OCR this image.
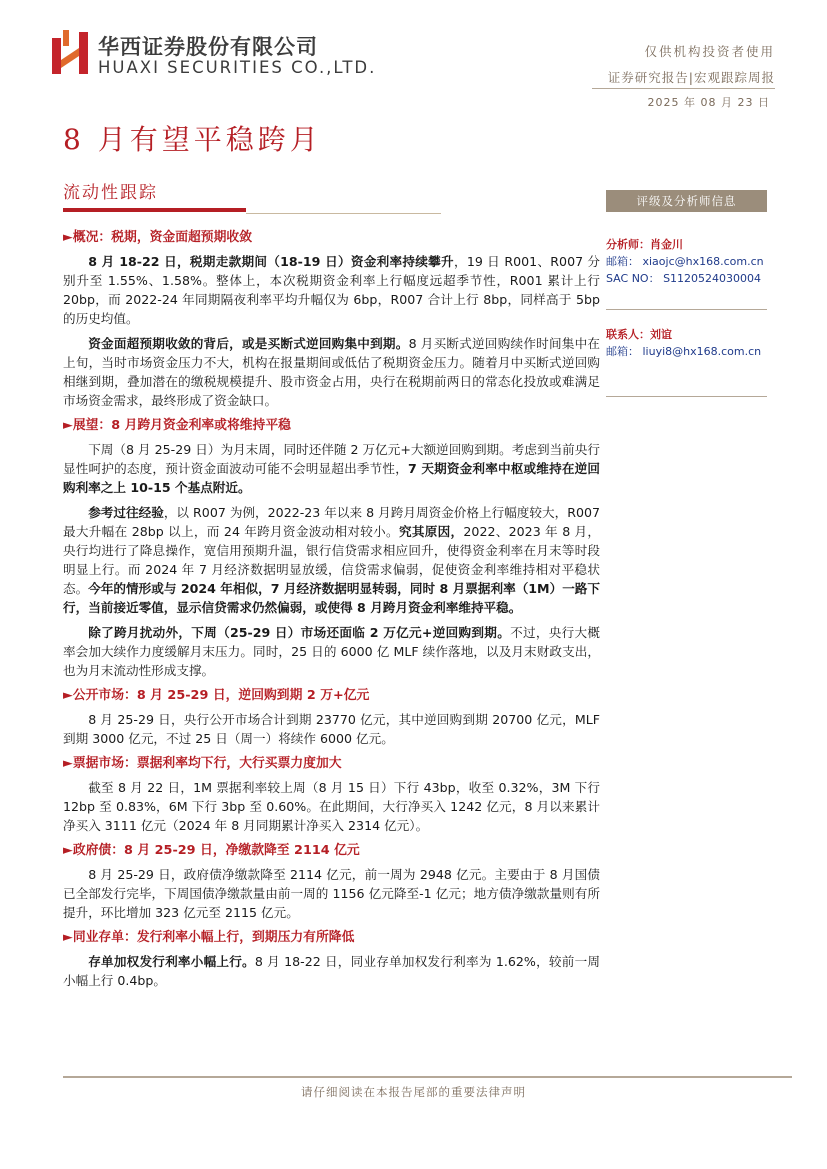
华西证券股份有限公司
HUAXI SECURITIES CO.,LTD.
仅供机构投资者使用
证券研究报告|宏观跟踪周报
2025 年 08 月 23 日
8 月有望平稳跨月
流动性跟踪
►概况：税期，资金面超预期收敛

8 月 18-22 日，税期走款期间（18-19 日）资金利率持续攀升，19 日 R001、R007 分别升至 1.55%、1.58%。整体上，本次税期资金利率上行幅度远超季节性，R001 累计上行 20bp，而 2022-24 年同期隔夜利率平均升幅仅为 6bp，R007 合计上行 8bp，同样高于 5bp 的历史均值。

资金面超预期收敛的背后，或是买断式逆回购集中到期。8 月买断式逆回购续作时间集中在上旬，当时市场资金压力不大，机构在报量期间或低估了税期资金压力。随着月中买断式逆回购相继到期，叠加潜在的缴税规模提升、股市资金占用，央行在税期前两日的常态化投放或难满足市场资金需求，最终形成了资金缺口。

►展望：8 月跨月资金利率或将维持平稳

下周（8 月 25-29 日）为月末周，同时还伴随 2 万亿元+大额逆回购到期。考虑到当前央行显性呵护的态度，预计资金面波动可能不会明显超出季节性，7 天期资金利率中枢或维持在逆回购利率之上 10-15 个基点附近。

参考过往经验，以 R007 为例，2022-23 年以来 8 月跨月周资金价格上行幅度较大，R007 最大升幅在 28bp 以上，而 24 年跨月资金波动相对较小。究其原因，2022、2023 年 8 月，央行均进行了降息操作，宽信用预期升温，银行信贷需求相应回升，使得资金利率在月末等时段明显上行。而 2024 年 7 月经济数据明显放缓，信贷需求偏弱，促使资金利率维持相对平稳状态。今年的情形或与 2024 年相似，7 月经济数据明显转弱，同时 8 月票据利率（1M）一路下行，当前接近零值，显示信贷需求仍然偏弱，或使得 8 月跨月资金利率维持平稳。

除了跨月扰动外，下周（25-29 日）市场还面临 2 万亿元+逆回购到期。不过，央行大概率会加大续作力度缓解月末压力。同时，25 日的 6000 亿 MLF 续作落地，以及月末财政支出，也为月末流动性形成支撑。

►公开市场：8 月 25-29 日，逆回购到期 2 万+亿元

8 月 25-29 日，央行公开市场合计到期 23770 亿元，其中逆回购到期 20700 亿元，MLF 到期 3000 亿元，不过 25 日（周一）将续作 6000 亿元。

►票据市场：票据利率均下行，大行买票力度加大

截至 8 月 22 日，1M 票据利率较上周（8 月 15 日）下行 43bp，收至 0.32%，3M 下行 12bp 至 0.83%，6M 下行 3bp 至 0.60%。在此期间，大行净买入 1242 亿元，8 月以来累计净买入 3111 亿元（2024 年 8 月同期累计净买入 2314 亿元）。

►政府债：8 月 25-29 日，净缴款降至 2114 亿元

8 月 25-29 日，政府债净缴款降至 2114 亿元，前一周为 2948 亿元。主要由于 8 月国债已全部发行完毕，下周国债净缴款量由前一周的 1156 亿元降至-1 亿元；地方债净缴款量则有所提升，环比增加 323 亿元至 2115 亿元。

►同业存单：发行利率小幅上行，到期压力有所降低

存单加权发行利率小幅上行。8 月 18-22 日，同业存单加权发行利率为 1.62%，较前一周小幅上行 0.4bp。

评级及分析师信息
分析师：肖金川
邮箱： xiaojc@hx168.com.cn
SAC NO： S1120524030004
联系人：刘谊
邮箱： liuyi8@hx168.com.cn
请仔细阅读在本报告尾部的重要法律声明
